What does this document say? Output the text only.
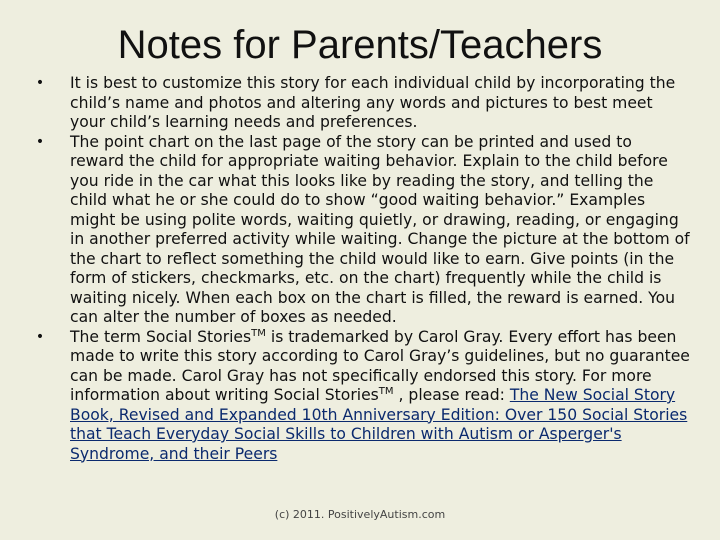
Notes for Parents/Teachers
•	It is best to customize this story for each individual child by incorporating the child’s name and photos and altering any words and pictures to best meet your child’s learning needs and preferences.
•	The point chart on the last page of the story can be printed and used to reward the child for appropriate waiting behavior. Explain to the child before you ride in the car what this looks like by reading the story, and telling the child what he or she could do to show “good waiting behavior.” Examples might be using polite words, waiting quietly, or drawing, reading, or engaging in another preferred activity while waiting. Change the picture at the bottom of the chart to reflect something the child would like to earn. Give points (in the form of stickers, checkmarks, etc. on the chart) frequently while the child is waiting nicely. When each box on the chart is filled, the reward is earned. You can alter the number of boxes as needed.
•	The term Social Stories™ is trademarked by Carol Gray. Every effort has been made to write this story according to Carol Gray’s guidelines, but no guarantee can be made. Carol Gray has not specifically endorsed this story. For more information about writing Social Stories™ , please read: The New Social Story Book, Revised and Expanded 10th Anniversary Edition: Over 150 Social Stories that Teach Everyday Social Skills to Children with Autism or Asperger's Syndrome, and their Peers
(c) 2011. PositivelyAutism.com
